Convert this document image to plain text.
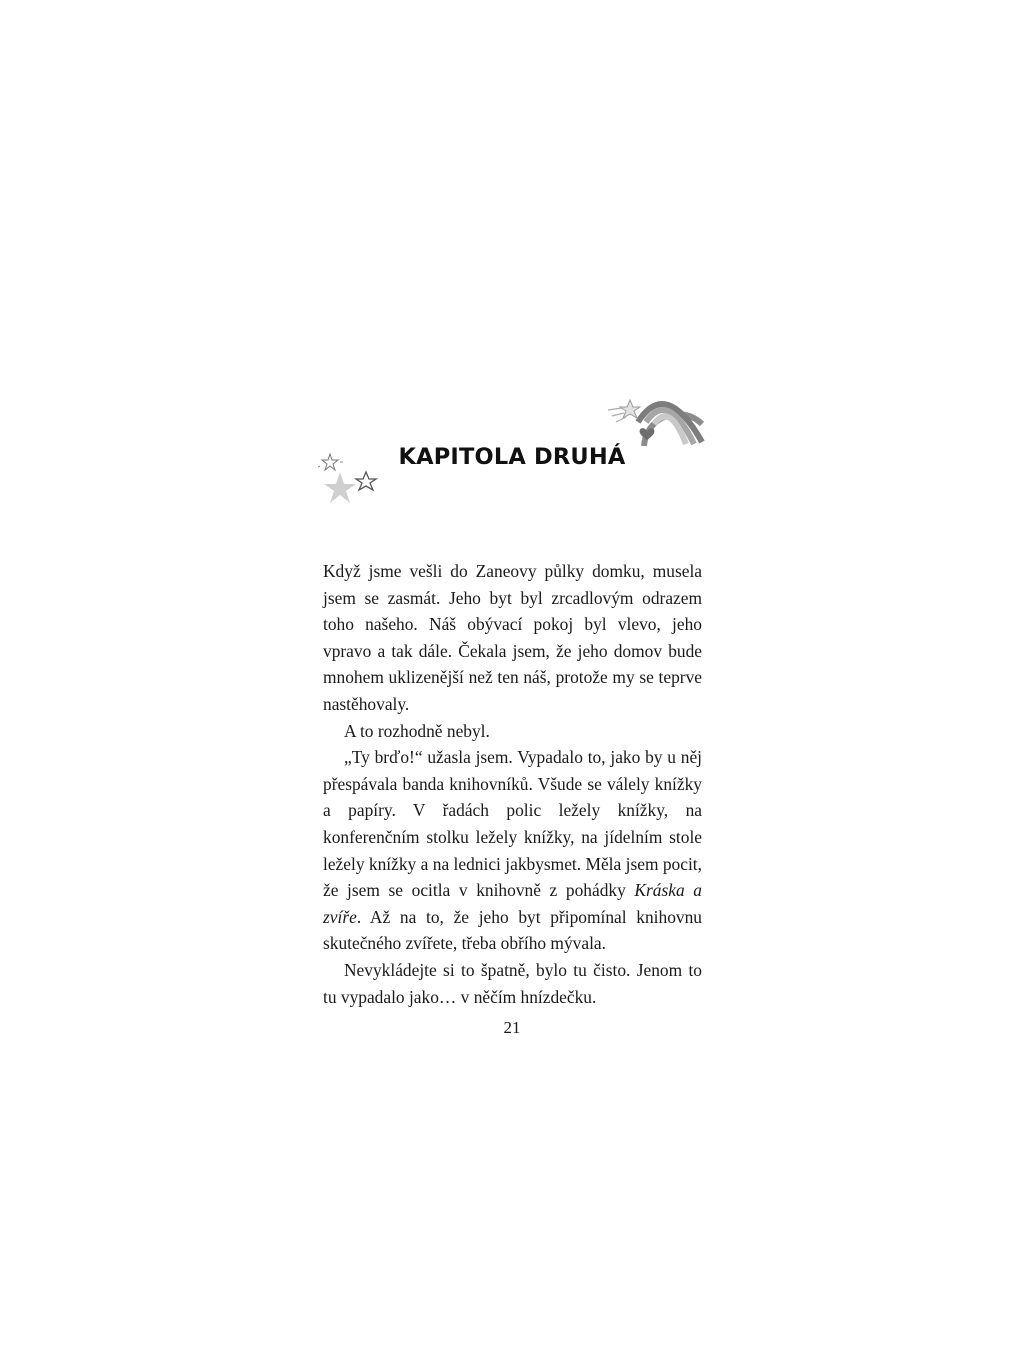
KAPITOLA DRUHÁ

Když jsme vešli do Zaneovy půlky domku, musela jsem se zasmát. Jeho byt byl zrcadlovým odrazem toho našeho. Náš obývací pokoj byl vlevo, jeho vpravo a tak dále. Čekala jsem, že jeho domov bude mnohem uklizenější než ten náš, protože my se teprve nastěhovaly.

A to rozhodně nebyl.

„Ty brďo!“ užasla jsem. Vypadalo to, jako by u něj přespávala banda knihovníků. Všude se válely knížky a papíry. V řadách polic ležely knížky, na konferenčním stolku ležely knížky, na jídelním stole ležely knížky a na lednici jakbysmet. Měla jsem pocit, že jsem se ocitla v knihovně z pohádky Kráska a zvíře. Až na to, že jeho byt připomínal knihovnu skutečného zvířete, třeba obřího mývala.

Nevykládejte si to špatně, bylo tu čisto. Jenom to tu vypadalo jako… v něčím hnízdečku.

21
